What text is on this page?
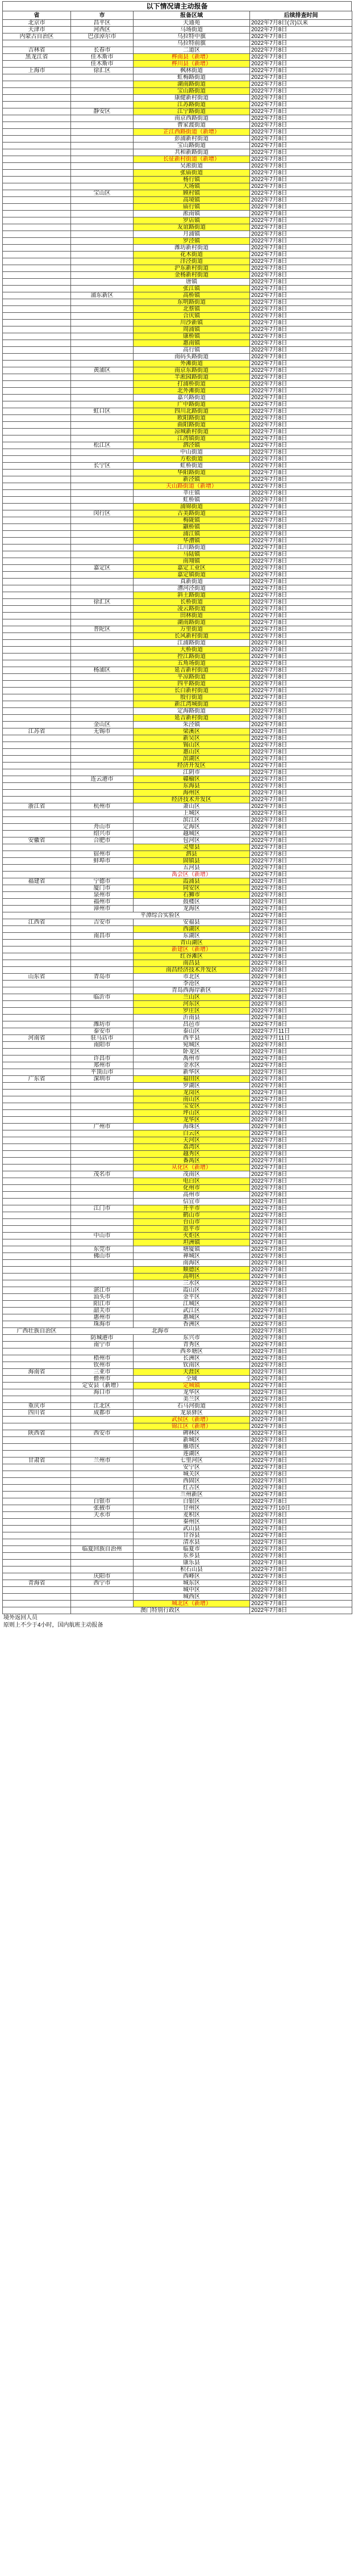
以下情况请主动报备
省	市	报备区域	后续排查时间
北京市	昌平区	天通苑	2022年7月8日(含)以来
天津市	河西区	马场街道	2022年7月8日
内蒙古自治区	巴彦淖尔市	乌拉特中旗	2022年7月8日
		乌拉特前旗	2022年7月8日
吉林省	长春市	二道区	2022年7月8日
黑龙江省	佳木斯市	桦南县（新增）	2022年7月8日
	佳木斯市	桦川县（新增）	2022年7月8日
上海市	徐汇区	枫林街道	2022年7月8日
		虹梅路街道	2022年7月8日
		湖南路街道	2022年7月8日
		宝山路街道	2022年7月8日
		康健新村街道	2022年7月8日
		江苏路街道	2022年7月8日
	静安区	江宁路街道	2022年7月8日
		南京西路街道	2022年7月8日
		曹家渡街道	2022年7月8日
		芷江西路街道（新增）	2022年7月8日
		彭浦新村街道	2022年7月8日
		宝山路街道	2022年7月8日
		共和新路街道	2022年7月8日
		长征新村街道（新增）	2022年7月8日
		吴淞街道	2022年7月8日
		张庙街道	2022年7月8日
		杨行镇	2022年7月8日
		大场镇	2022年7月8日
	宝山区	顾村镇	2022年7月8日
		高境镇	2022年7月8日
		庙行镇	2022年7月8日
		淞南镇	2022年7月8日
		罗店镇	2022年7月8日
		友谊路街道	2022年7月8日
		月浦镇	2022年7月8日
		罗泾镇	2022年7月8日
		潍坊新村街道	2022年7月8日
		花木街道	2022年7月8日
		洋泾街道	2022年7月8日
		沪东新村街道	2022年7月8日
		金杨新村街道	2022年7月8日
		唐镇	2022年7月8日
		张江镇	2022年7月8日
	浦东新区	高桥镇	2022年7月8日
		东明路街道	2022年7月8日
		北蔡镇	2022年7月8日
		合庆镇	2022年7月8日
		川沙新镇	2022年7月8日
		周浦镇	2022年7月8日
		康桥镇	2022年7月8日
		惠南镇	2022年7月8日
		高行镇	2022年7月8日
		南码头路街道	2022年7月8日
		外滩街道	2022年7月8日
	黄浦区	南京东路街道	2022年7月8日
		半淞园路街道	2022年7月8日
		打浦桥街道	2022年7月8日
		北外滩街道	2022年7月8日
		嘉兴路街道	2022年7月8日
		广中路街道	2022年7月8日
	虹口区	四川北路街道	2022年7月8日
		欧阳路街道	2022年7月8日
		曲阳路街道	2022年7月8日
		凉城新村街道	2022年7月8日
		江湾镇街道	2022年7月8日
	松江区	泗泾镇	2022年7月8日
		中山街道	2022年7月8日
		方松街道	2022年7月8日
	长宁区	虹桥街道	2022年7月8日
		华阳路街道	2022年7月8日
		新泾镇	2022年7月8日
		天山路街道（新增）	2022年7月8日
		莘庄镇	2022年7月8日
		虹桥镇	2022年7月8日
		浦锦街道	2022年7月8日
	闵行区	古美路街道	2022年7月8日
		梅陇镇	2022年7月8日
		颛桥镇	2022年7月8日
		浦江镇	2022年7月8日
		华漕镇	2022年7月8日
		江川路街道	2022年7月8日
		马陆镇	2022年7月8日
		南翔镇	2022年7月8日
	嘉定区	嘉定工业区	2022年7月8日
		嘉定镇街道	2022年7月8日
		真新街道	2022年7月8日
		漕河泾街道	2022年7月8日
		斜土路街道	2022年7月8日
	徐汇区	长桥街道	2022年7月8日
		凌云路街道	2022年7月8日
		田林街道	2022年7月8日
		湖南路街道	2022年7月8日
	普陀区	万里街道	2022年7月8日
		长风新村街道	2022年7月8日
		江浦路街道	2022年7月8日
		大桥街道	2022年7月8日
		控江路街道	2022年7月8日
		五角场街道	2022年7月8日
	杨浦区	延吉新村街道	2022年7月8日
		平凉路街道	2022年7月8日
		四平路街道	2022年7月8日
		长白新村街道	2022年7月8日
		殷行街道	2022年7月8日
		新江湾城街道	2022年7月8日
		定海路街道	2022年7月8日
		延吉新村街道	2022年7月8日
	金山区	朱泾镇	2022年7月8日
江苏省	无锡市	梁溪区	2022年7月8日
		新吴区	2022年7月8日
		锡山区	2022年7月8日
		惠山区	2022年7月8日
		滨湖区	2022年7月8日
		经济开发区	2022年7月8日
		江阴市	2022年7月8日
	连云港市	赣榆区	2022年7月8日
		东海县	2022年7月8日
		海州区	2022年7月8日
		经济技术开发区	2022年7月8日
浙江省	杭州市	萧山区	2022年7月8日
		上城区	2022年7月8日
		滨江区	2022年7月8日
	舟山市	定海区	2022年7月8日
	绍兴市	越城区	2022年7月8日
安徽省	合肥市	包河区	2022年7月8日
		灵璧县	2022年7月8日
	宿州市	泗县	2022年7月8日
	蚌埠市	固镇县	2022年7月8日
		五河县	2022年7月8日
		禹会区（新增）	2022年7月8日
福建省	宁德市	霞浦县	2022年7月8日
	厦门市	同安区	2022年7月8日
	泉州市	石狮市	2022年7月8日
	福州市	鼓楼区	2022年7月8日
	漳州市	龙海区	2022年7月8日
	平潭综合实验区		2022年7月8日
江西省	吉安市	安福县	2022年7月8日
		西湖区	2022年7月8日
	南昌市	东湖区	2022年7月8日
		青山湖区	2022年7月8日
		新建区（新增）	2022年7月8日
		红谷滩区	2022年7月8日
		南昌县	2022年7月8日
		南昌经济技术开发区	2022年7月8日
山东省	青岛市	市北区	2022年7月8日
		李沧区	2022年7月8日
		青岛西海岸新区	2022年7月8日
	临沂市	兰山区	2022年7月8日
		河东区	2022年7月8日
		罗庄区	2022年7月8日
		沂南县	2022年7月8日
	潍坊市	昌邑市	2022年7月8日
	泰安市	泰山区	2022年7月11日
河南省	驻马店市	西平县	2022年7月11日
	南阳市	宛城区	2022年7月8日
		卧龙区	2022年7月8日
	许昌市	禹州市	2022年7月8日
	郑州市	金水区	2022年7月8日
	平顶山市	新华区	2022年7月8日
广东省	深圳市	福田区	2022年7月8日
		罗湖区	2022年7月8日
		龙岗区	2022年7月8日
		南山区	2022年7月8日
		宝安区	2022年7月8日
		坪山区	2022年7月8日
		龙华区	2022年7月8日
	广州市	海珠区	2022年7月8日
		白云区	2022年7月8日
		天河区	2022年7月8日
		荔湾区	2022年7月8日
		越秀区	2022年7月8日
		番禺区	2022年7月8日
		从化区（新增）	2022年7月8日
	茂名市	茂南区	2022年7月8日
		电白区	2022年7月8日
		化州市	2022年7月8日
		高州市	2022年7月8日
		信宜市	2022年7月8日
	江门市	开平市	2022年7月8日
		鹤山市	2022年7月8日
		台山市	2022年7月8日
		恩平市	2022年7月8日
	中山市	火炬区	2022年7月8日
		坦洲镇	2022年7月8日
	东莞市	塘厦镇	2022年7月8日
	佛山市	禅城区	2022年7月8日
		南海区	2022年7月8日
		顺德区	2022年7月8日
		高明区	2022年7月8日
		三水区	2022年7月8日
	湛江市	霞山区	2022年7月8日
	汕头市	金平区	2022年7月8日
	阳江市	江城区	2022年7月8日
	韶关市	武江区	2022年7月8日
	惠州市	惠城区	2022年7月8日
	珠海市	香洲区	2022年7月8日
广西壮族自治区	北海市		2022年7月8日
	防城港市	东兴市	2022年7月8日
	南宁市	青秀区	2022年7月8日
		西乡塘区	2022年7月8日
	梧州市	长洲区	2022年7月8日
	钦州市	钦南区	2022年7月8日
海南省	三亚市	天涯区	2022年7月8日
	儋州市	全域	2022年7月8日
	定安县（新增）	定城镇	2022年7月8日
	海口市	龙华区	2022年7月8日
		美兰区	2022年7月8日
重庆市	江北区	石马河街道	2022年7月8日
四川省	成都市	龙泉驿区	2022年7月8日
		武侯区（新增）	2022年7月8日
		锦江区（新增）	2022年7月8日
陕西省	西安市	碑林区	2022年7月8日
		新城区	2022年7月8日
		雁塔区	2022年7月8日
		莲湖区	2022年7月8日
甘肃省	兰州市	七里河区	2022年7月8日
		安宁区	2022年7月8日
		城关区	2022年7月8日
		西固区	2022年7月8日
		红古区	2022年7月8日
		兰州新区	2022年7月8日
	白银市	白银区	2022年7月8日
	张掖市	甘州区	2022年7月10日
	天水市	麦积区	2022年7月8日
		秦州区	2022年7月8日
		武山县	2022年7月8日
		甘谷县	2022年7月8日
		清水县	2022年7月8日
	临夏回族自治州	临夏市	2022年7月8日
		东乡县	2022年7月8日
		康乐县	2022年7月8日
		积石山县	2022年7月8日
	庆阳市	西峰区	2022年7月8日
青海省	西宁市	城东区	2022年7月8日
		城中区	2022年7月8日
		城西区	2022年7月8日
		城北区（新增）	2022年7月8日
	澳门特别行政区		2022年7月8日
境外返回人员
原则上不少于4小时，国内航班主动报备
